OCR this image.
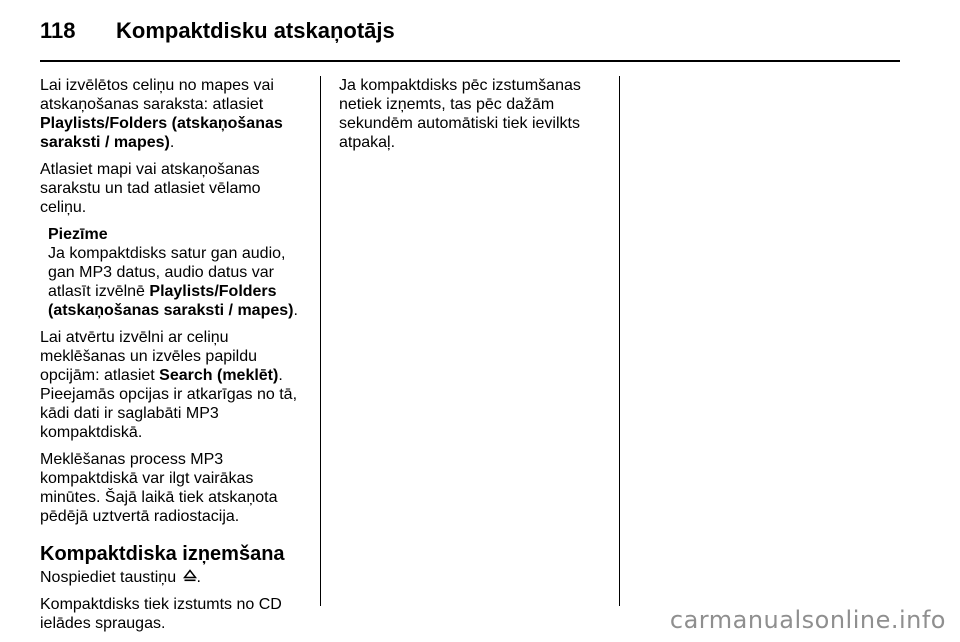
118 Kompaktdisku atskaņotājs

Lai izvēlētos celiņu no mapes vai atskaņošanas saraksta: atlasiet Playlists/Folders (atskaņošanas saraksti / mapes).

Atlasiet mapi vai atskaņošanas sarakstu un tad atlasiet vēlamo celiņu.

Piezīme
Ja kompaktdisks satur gan audio, gan MP3 datus, audio datus var atlasīt izvēlnē Playlists/Folders (atskaņošanas saraksti / mapes).

Lai atvērtu izvēlni ar celiņu meklēšanas un izvēles papildu opcijām: atlasiet Search (meklēt).
Pieejamās opcijas ir atkarīgas no tā, kādi dati ir saglabāti MP3 kompaktdiskā.

Meklēšanas process MP3 kompaktdiskā var ilgt vairākas minūtes. Šajā laikā tiek atskaņota pēdējā uztvertā radiostacija.

Kompaktdiska izņemšana

Nospiediet taustiņu .

Kompaktdisks tiek izstumts no CD ielādes spraugas.

Ja kompaktdisks pēc izstumšanas netiek izņemts, tas pēc dažām sekundēm automātiski tiek ievilkts atpakaļ.

carmanualsonline.info
